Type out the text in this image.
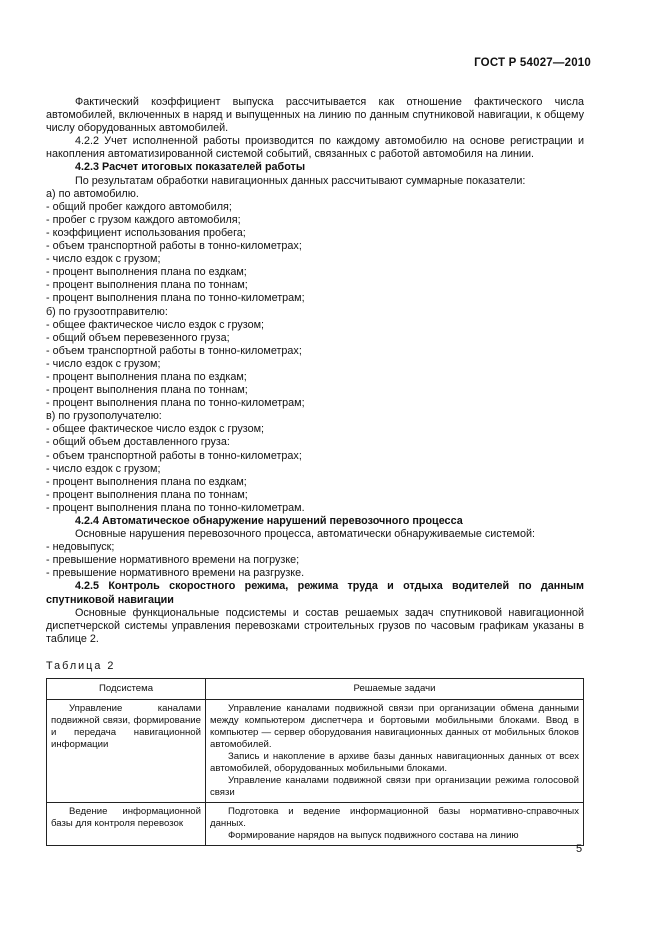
ГОСТ Р 54027—2010

Фактический коэффициент выпуска рассчитывается как отношение фактического числа автомобилей, включенных в наряд и выпущенных на линию по данным спутниковой навигации, к общему числу оборудованных автомобилей.

4.2.2 Учет исполненной работы производится по каждому автомобилю на основе регистрации и накопления автоматизированной системой событий, связанных с работой автомобиля на линии.

4.2.3 Расчет итоговых показателей работы

По результатам обработки навигационных данных рассчитывают суммарные показатели:

а) по автомобилю.

- общий пробег каждого автомобиля;

- пробег с грузом каждого автомобиля;

- коэффициент использования пробега;

- объем транспортной работы в тонно-километрах;

- число ездок с грузом;

- процент выполнения плана по ездкам;

- процент выполнения плана по тоннам;

- процент выполнения плана по тонно-километрам;

б) по грузоотправителю:

- общее фактическое число ездок с грузом;

- общий объем перевезенного груза;

- объем транспортной работы в тонно-километрах;

- число ездок с грузом;

- процент выполнения плана по ездкам;

- процент выполнения плана по тоннам;

- процент выполнения плана по тонно-километрам;

в) по грузополучателю:

- общее фактическое число ездок с грузом;

- общий объем доставленного груза:

- объем транспортной работы в тонно-километрах;

- число ездок с грузом;

- процент выполнения плана по ездкам;

- процент выполнения плана по тоннам;

- процент выполнения плана по тонно-километрам.

4.2.4 Автоматическое обнаружение нарушений перевозочного процесса

Основные нарушения перевозочного процесса, автоматически обнаруживаемые системой:

- недовыпуск;

- превышение нормативного времени на погрузке;

- превышение нормативного времени на разгрузке.

4.2.5 Контроль скоростного режима, режима труда и отдыха водителей по данным спутниковой навигации

Основные функциональные подсистемы и состав решаемых задач спутниковой навигационной диспетчерской системы управления перевозками строительных грузов по часовым графикам указаны в таблице 2.

Таблица 2

Подсистема	Решаемые задачи

Управление каналами подвижной связи, формирование и передача навигационной информации	Управление каналами подвижной связи при организации обмена данными между компьютером диспетчера и бортовыми мобильными блоками. Ввод в компьютер — сервер оборудования навигационных данных от мобильных блоков автомобилей.

Запись и накопление в архиве базы данных навигационных данных от всех автомобилей, оборудованных мобильными блоками.

Управление каналами подвижной связи при организации режима голосовой связи

Ведение информационной базы для контроля перевозок	Подготовка и ведение информационной базы нормативно-справочных данных.

Формирование нарядов на выпуск подвижного состава на линию

5
